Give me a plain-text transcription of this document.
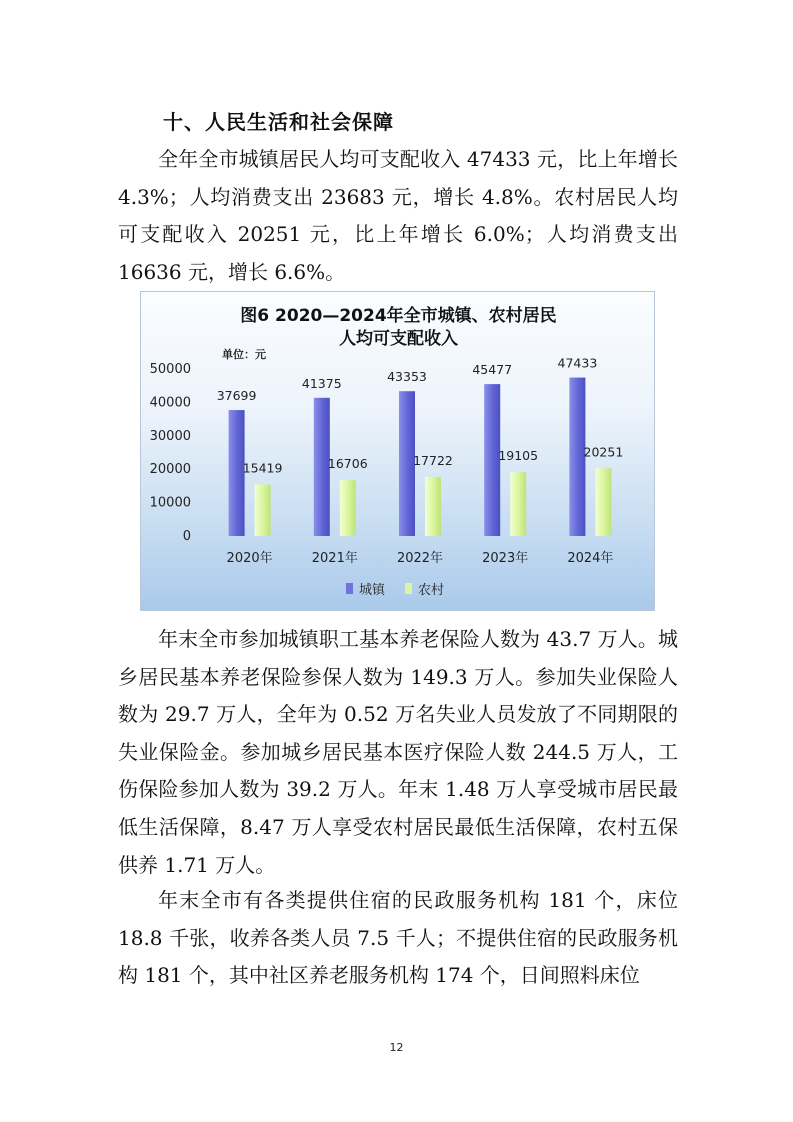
十、人民生活和社会保障

全年全市城镇居民人均可支配收入 47433 元，比上年增长 4.3%；人均消费支出 23683 元，增长 4.8%。农村居民人均可支配收入 20251 元，比上年增长 6.0%；人均消费支出 16636 元，增长 6.6%。

0
10000
20000
30000
40000
50000
37699
15419
2020年
41375
16706
2021年
43353
17722
2022年
45477
19105
2023年
47433
20251
2024年
图6 2020—2024年全市城镇、农村居民
人均可支配收入
单位：元
城镇	农村

年末全市参加城镇职工基本养老保险人数为 43.7 万人。城乡居民基本养老保险参保人数为 149.3 万人。参加失业保险人数为 29.7 万人，全年为 0.52 万名失业人员发放了不同期限的失业保险金。参加城乡居民基本医疗保险人数 244.5 万人，工伤保险参加人数为 39.2 万人。年末 1.48 万人享受城市居民最低生活保障，8.47 万人享受农村居民最低生活保障，农村五保供养 1.71 万人。

年末全市有各类提供住宿的民政服务机构 181 个，床位 18.8 千张，收养各类人员 7.5 千人；不提供住宿的民政服务机构 181 个，其中社区养老服务机构 174 个，日间照料床位

12
